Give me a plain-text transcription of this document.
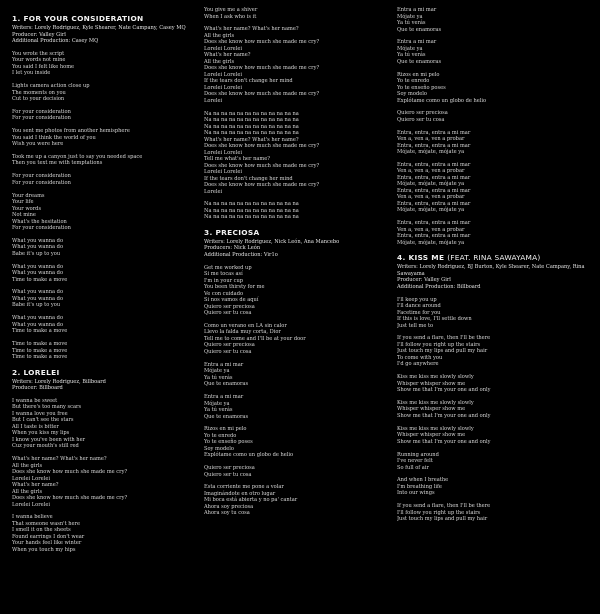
1. FOR YOUR CONSIDERATION
Writers: Lorely Rodriguez, Kyle Shearer, Nate Campany, Casey MQ
Producer: Valley Girl
Additional Production: Casey MQ
You wrote the script
Your words not mine
You said I felt like home
I let you inside
Lights camera action close up
The moments on you
Cut to your decision
For your consideration
For your consideration
You sent me photos from another hemisphere
You said I think the world of you
Wish you were here
Took me up a canyon just to say you needed space
Then you text me with temptations
For your consideration
For your consideration
Your dreams
Your life
Your words
Not mine
What's the hesitation
For your consideration
What you wanna do
What you wanna do
Babe it's up to you
What you wanna do
What you wanna do
Time to make a move
What you wanna do
What you wanna do
Babe it's up to you
What you wanna do
What you wanna do
Time to make a move
Time to make a move
Time to make a move
Time to make a move
2. LORELEI
Writers: Lorely Rodriguez, Billboard
Producer: Billboard
I wanna be sweet
But there's too many scars
I wanna love you free
But I can't see the stars
All I taste is bitter
When you kiss my lips
I know you've been with her
Cuz your mouth's still red
What's her name? What's her name?
All the girls
Does she know how much she made me cry?
Lorelei Lorelei
What's her name?
All the girls
Does she know how much she made me cry?
Lorelei Lorelei
I wanna believe
That someone wasn't here
I smell it on the sheets
Found earrings I don't wear
Your hands feel like winter
When you touch my hips
You give me a shiver
When I ask who is it
What's her name? What's her name?
All the girls
Does she know how much she made me cry?
Lorelei Lorelei
What's her name?
All the girls
Does she know how much she made me cry?
Lorelei Lorelei
If the tears don't change her mind
Lorelei Lorelei
Does she know how much she made me cry?
Lorelei
Na na na na na na na na na na na na
Na na na na na na na na na na na na
Na na na na na na na na na na na na
Na na na na na na na na na na na na
What's her name? What's her name?
Does she know how much she made me cry?
Lorelei Lorelei
Tell me what's her name?
Does she know how much she made me cry?
Lorelei Lorelei
If the tears don't change her mind
Does she know how much she made me cry?
Lorelei
Na na na na na na na na na na na na
Na na na na na na na na na na na na
Na na na na na na na na na na na na
3. PRECIOSA
Writers: Lorely Rodriguez, Nick León, Ana Mancebo
Producers: Nick León
Additional Production: Vir1o
Get me worked up
Si me tocas así
I'm in your cup
You been thirsty for me
Ve con cuidado
Si nos vamos de aquí
Quiero ser preciosa
Quiero ser tu cosa
Como un verano en LA sin calor
Llevo la falda muy corta, Dior
Tell me to come and I'll be at your door
Quiero ser preciosa
Quiero ser tu cosa
Entra a mi mar
Mójate ya
Ya tú verás
Que te enamoras
Entra a mi mar
Mójate ya
Ya tú verás
Que te enamoras
Rizos en mi pelo
Yo te enredo
Yo te enseño poses
Soy modelo
Explótame como un globo de helio
Quiero ser preciosa
Quiero ser tu cosa
Esta corriente me pone a volar
Imaginándote en otro lugar
Mi boca está abierta y no pa' cantar
Ahora soy preciosa
Ahora soy tu cosa
Entra a mi mar
Mójate ya
Ya tú verás
Que te enamoras
Entra a mi mar
Mójate ya
Ya tú verás
Que te enamoras
Rizos en mi pelo
Yo te enredo
Yo te enseño poses
Soy modelo
Explótame como un globo de helio
Quiero ser preciosa
Quiero ser tu cosa
Entra, entra, entra a mi mar
Ven a, ven a, ven a probar
Entra, entra, entra a mi mar
Mójate, mójate, mójate ya
Entra, entra, entra a mi mar
Ven a, ven a, ven a probar
Entra, entra, entra a mi mar
Mójate, mójate, mójate ya
Entra, entra, entra a mi mar
Ven a, ven a, ven a probar
Entra, entra, entra a mi mar
Mójate, mójate, mójate ya
Entra, entra, entra a mi mar
Ven a, ven a, ven a probar
Entra, entra, entra a mi mar
Mójate, mójate, mójate ya
4. KISS ME (FEAT. RINA SAWAYAMA)
Writers: Lorely Rodriguez, BJ Burton, Kyle Shearer, Nate Campany, Rina
Sawayama
Producer: Valley Girl
Additional Production: Billboard
I'll keep you up
I'll dance around
Facetime for you
If this is love, I'll settle down
Just tell me to
If you send a flare, then I'll be there
I'll follow you right up the stairs
Just touch my lips and pull my hair
To come with you
I'd go anywhere
Kiss me kiss me slowly slowly
Whisper whisper show me
Show me that I'm your one and only
Kiss me kiss me slowly slowly
Whisper whisper show me
Show me that I'm your one and only
Kiss me kiss me slowly slowly
Whisper whisper show me
Show me that I'm your one and only
Running around
I've never felt
So full of air
And when I breathe
I'm breathing life
Into our wings
If you send a flare, then I'll be there
I'll follow you right up the stairs
Just touch my lips and pull my hair
